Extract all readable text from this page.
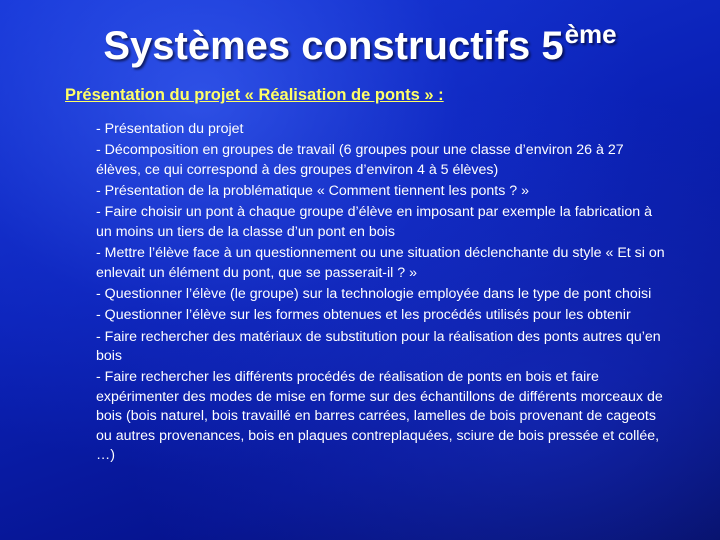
Systèmes constructifs 5ème
Présentation du projet « Réalisation de ponts » :
- Présentation du projet
- Décomposition en groupes de travail (6 groupes pour une classe d’environ 26 à 27 élèves, ce qui correspond à des groupes d’environ 4 à 5 élèves)
- Présentation de la problématique « Comment tiennent les ponts ? »
- Faire choisir un pont à chaque groupe d’élève en imposant par exemple la fabrication à un moins un tiers de la classe d’un pont en bois
- Mettre l’élève face à un questionnement ou une situation déclenchante du style « Et si on enlevait un élément du pont, que se passerait-il ? »
- Questionner l’élève (le groupe) sur la technologie employée dans le type de pont choisi
- Questionner l’élève sur les formes obtenues et les procédés utilisés pour les obtenir
- Faire rechercher des matériaux de substitution pour la réalisation des ponts autres qu’en bois
- Faire rechercher les différents procédés de réalisation de ponts en bois et faire expérimenter des modes de mise en forme sur des échantillons de différents morceaux de bois (bois naturel, bois travaillé en barres carrées, lamelles de bois provenant de cageots ou autres provenances, bois en plaques contreplaquées, sciure de bois pressée et collée, …)
